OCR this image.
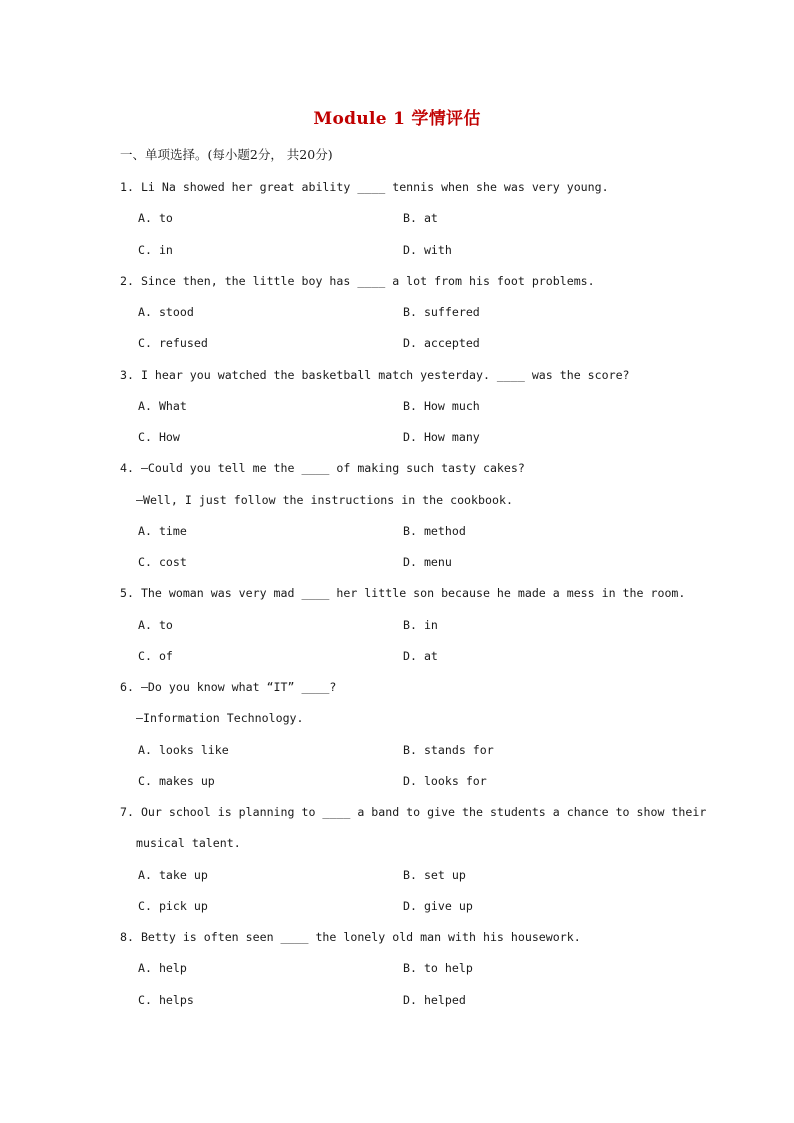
Module 1 学情评估
一、单项选择。(每小题2分， 共20分)
1. Li Na showed her great ability ____ tennis when she was very young.
A. to	B. at
C. in	D. with
2. Since then, the little boy has ____ a lot from his foot problems.
A. stood	B. suffered
C. refused	D. accepted
3. I hear you watched the basketball match yesterday. ____ was the score?
A. What	B. How much
C. How	D. How many
4. —Could you tell me the ____ of making such tasty cakes?
—Well, I just follow the instructions in the cookbook.
A. time	B. method
C. cost	D. menu
5. The woman was very mad ____ her little son because he made a mess in the room.
A. to	B. in
C. of	D. at
6. —Do you know what “IT” ____?
—Information Technology.
A. looks like	B. stands for
C. makes up	D. looks for
7. Our school is planning to ____ a band to give the students a chance to show their
musical talent.
A. take up	B. set up
C. pick up	D. give up
8. Betty is often seen ____ the lonely old man with his housework.
A. help	B. to help
C. helps	D. helped
